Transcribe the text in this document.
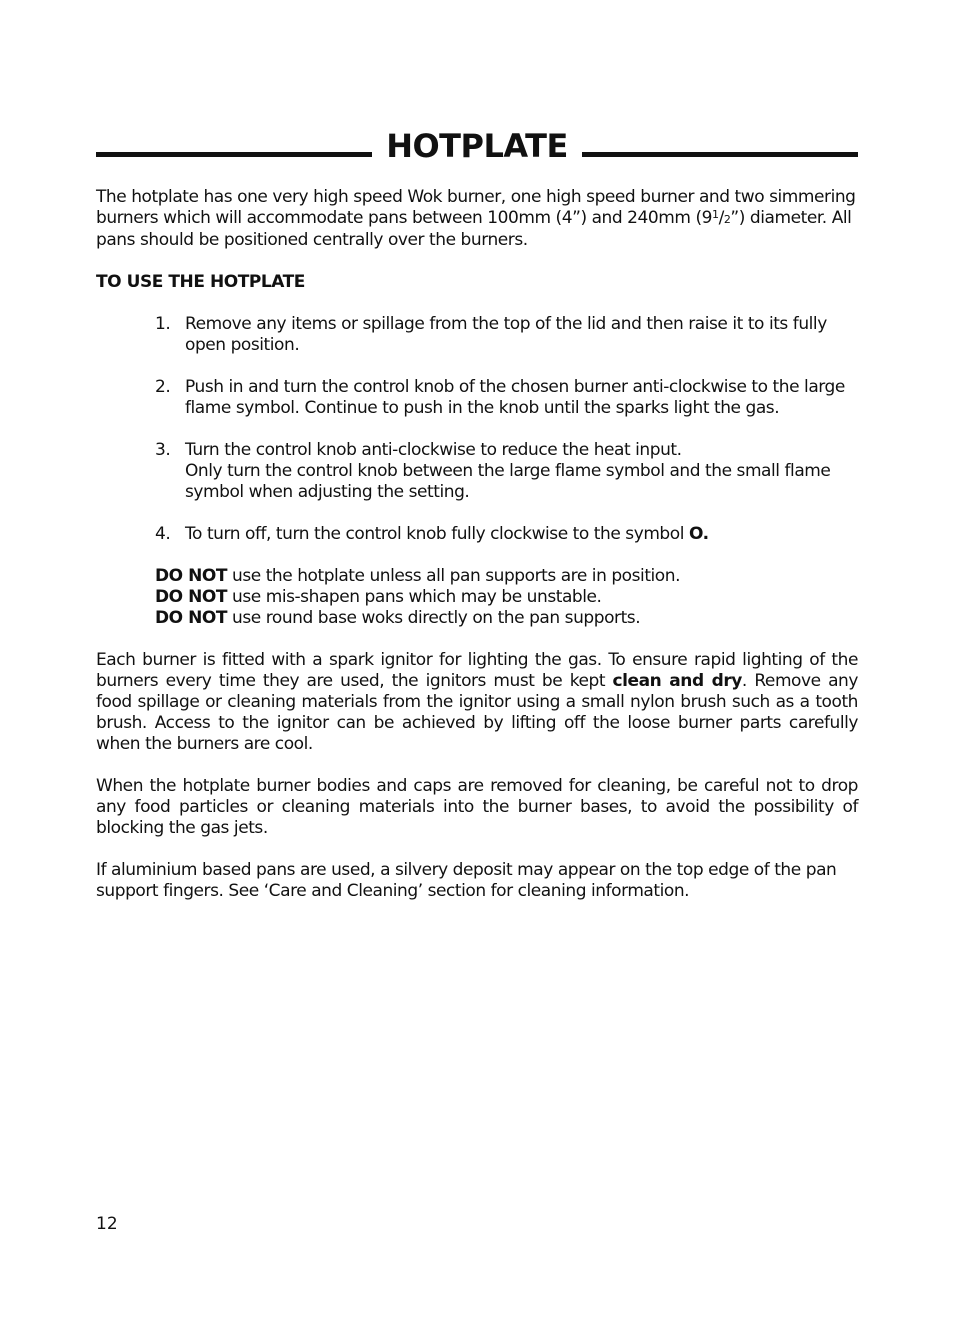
HOTPLATE

The hotplate has one very high speed Wok burner, one high speed burner and two simmering burners which will accommodate pans between 100mm (4”) and 240mm $(9^1/2”)$ diameter. All pans should be positioned centrally over the burners.

TO USE THE HOTPLATE
1. Remove any items or spillage from the top of the lid and then raise it to its fully open position.
2. Push in and turn the control knob of the chosen burner anti-clockwise to the large flame symbol. Continue to push in the knob until the sparks light the gas.
3. Turn the control knob anti-clockwise to reduce the heat input.
Only turn the control knob between the large flame symbol and the small flame symbol when adjusting the setting.
4. To turn off, turn the control knob fully clockwise to the symbol O.
DO NOT use the hotplate unless all pan supports are in position.
DO NOT use mis-shapen pans which may be unstable.
DO NOT use round base woks directly on the pan supports.

Each burner is fitted with a spark ignitor for lighting the gas. To ensure rapid lighting of the burners every time they are used, the ignitors must be kept clean and dry. Remove any food spillage or cleaning materials from the ignitor using a small nylon brush such as a tooth brush. Access to the ignitor can be achieved by lifting off the loose burner parts carefully when the burners are cool.

When the hotplate burner bodies and caps are removed for cleaning, be careful not to drop any food particles or cleaning materials into the burner bases, to avoid the possibility of blocking the gas jets.

If aluminium based pans are used, a silvery deposit may appear on the top edge of the pan support fingers. See ‘Care and Cleaning’ section for cleaning information.

12
